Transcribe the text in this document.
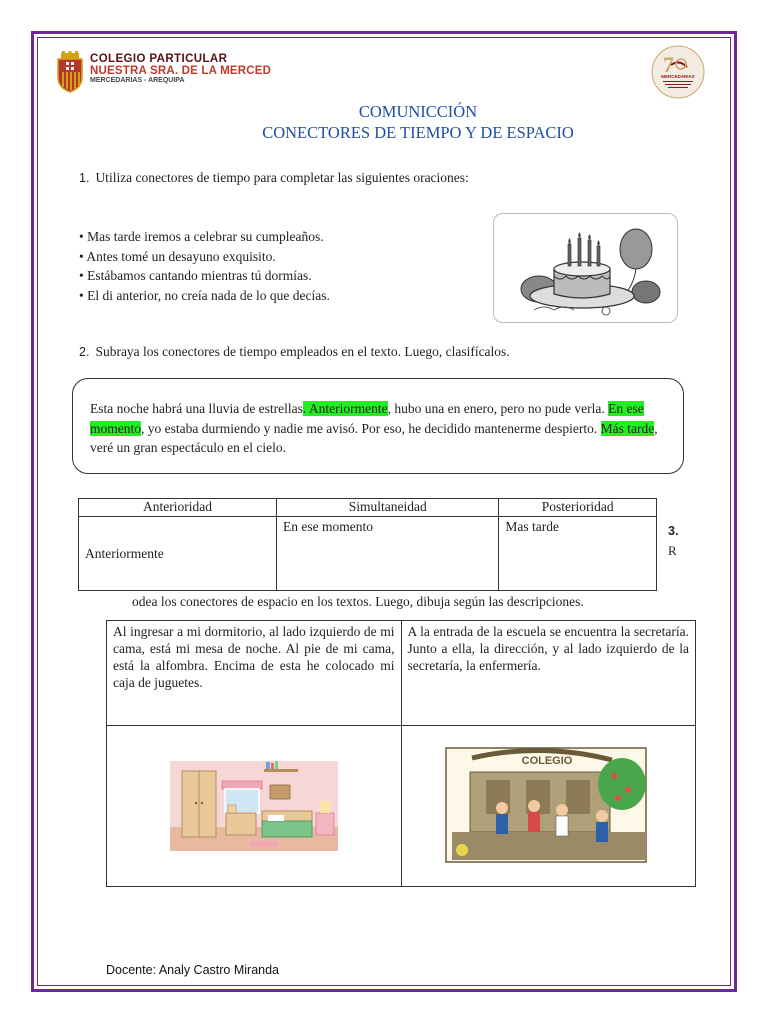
COLEGIO PARTICULAR
NUESTRA SRA. DE LA MERCED
MERCEDARIAS - AREQUIPA
7
MERCEDARIAS
COMUNICCIÓN
CONECTORES DE TIEMPO Y DE ESPACIO
1. Utiliza conectores de tiempo para completar las siguientes oraciones:
• Mas tarde iremos a celebrar su cumpleaños.
• Antes tomé un desayuno exquisito.
• Estábamos cantando mientras tú dormías.
• El di anterior, no creía nada de lo que decías.
2. Subraya los conectores de tiempo empleados en el texto. Luego, clasifícalos.
Esta noche habrá una lluvia de estrellas. Anteriormente, hubo una en enero, pero no pude verla. En ese momento, yo estaba durmiendo y nadie me avisó. Por eso, he decidido mantenerme despierto. Más tarde, veré un gran espectáculo en el cielo.
Anterioridad	Simultaneidad	Posterioridad
Anteriormente	En ese momento	Mas tarde	3.
R
odea los conectores de espacio en los textos. Luego, dibuja según las descripciones.
Al ingresar a mi dormitorio, al lado izquierdo de mi cama, está mi mesa de noche. Al pie de mi cama, está la alfombra. Encima de esta he colocado mi caja de juguetes.	A la entrada de la escuela se encuentra la secretaría. Junto a ella, la dirección, y al lado izquierdo de la secretaría, la enfermería.

COLEGIO
Docente: Analy Castro Miranda
